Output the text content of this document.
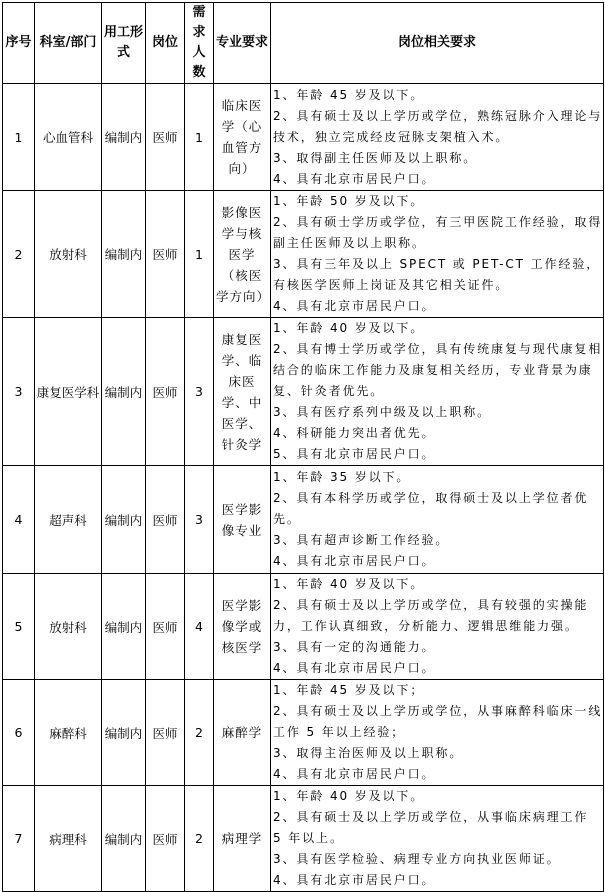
序号	科室/部门	用工形式	岗位	需求人数	专业要求	岗位相关要求
1	心血管科	编制内	医师	1	临床医学（心血管方向）	1、年龄 45 岁及以下。
2、具有硕士及以上学历或学位，熟练冠脉介入理论与技术，独立完成经皮冠脉支架植入术。
3、取得副主任医师及以上职称。
4、具有北京市居民户口。

2	放射科	编制内	医师	1	影像医学与核医学（核医学方向）	1、年龄 50 岁及以下。
2、具有硕士学历或学位，有三甲医院工作经验，取得副主任医师及以上职称。
3、具有三年及以上 SPECT 或 PET-CT 工作经验，有核医学医师上岗证及其它相关证件。
4、具有北京市居民户口。

3	康复医学科	编制内	医师	3	康复医学、临床医学、中医学、针灸学	1、年龄 40 岁及以下。
2、具有博士学历或学位，具有传统康复与现代康复相结合的临床工作能力及康复相关经历，专业背景为康复、针灸者优先。
3、具有医疗系列中级及以上职称。
4、科研能力突出者优先。
5、具有北京市居民户口。

4	超声科	编制内	医师	3	医学影像专业	1、年龄 35 岁以下。
2、具有本科学历或学位，取得硕士及以上学位者优先。
3、具有超声诊断工作经验。
4、具有北京市居民户口。

5	放射科	编制内	医师	4	医学影像学或核医学	1、年龄 40 岁及以下。
2、具有硕士及以上学历或学位，具有较强的实操能力，工作认真细致，分析能力、逻辑思维能力强。
3、具有一定的沟通能力。
4、具有北京市居民户口。

6	麻醉科	编制内	医师	2	麻醉学	1、年龄 45 岁及以下；
2、具有硕士及以上学历或学位，从事麻醉科临床一线工作 5 年以上经验；
3、取得主治医师及以上职称。
4、具有北京市居民户口。

7	病理科	编制内	医师	2	病理学	1、年龄 40 岁及以下。
2、具有硕士及以上学历或学位，从事临床病理工作 5 年以上。
3、具有医学检验、病理专业方向执业医师证。
4、具有北京市居民户口。
